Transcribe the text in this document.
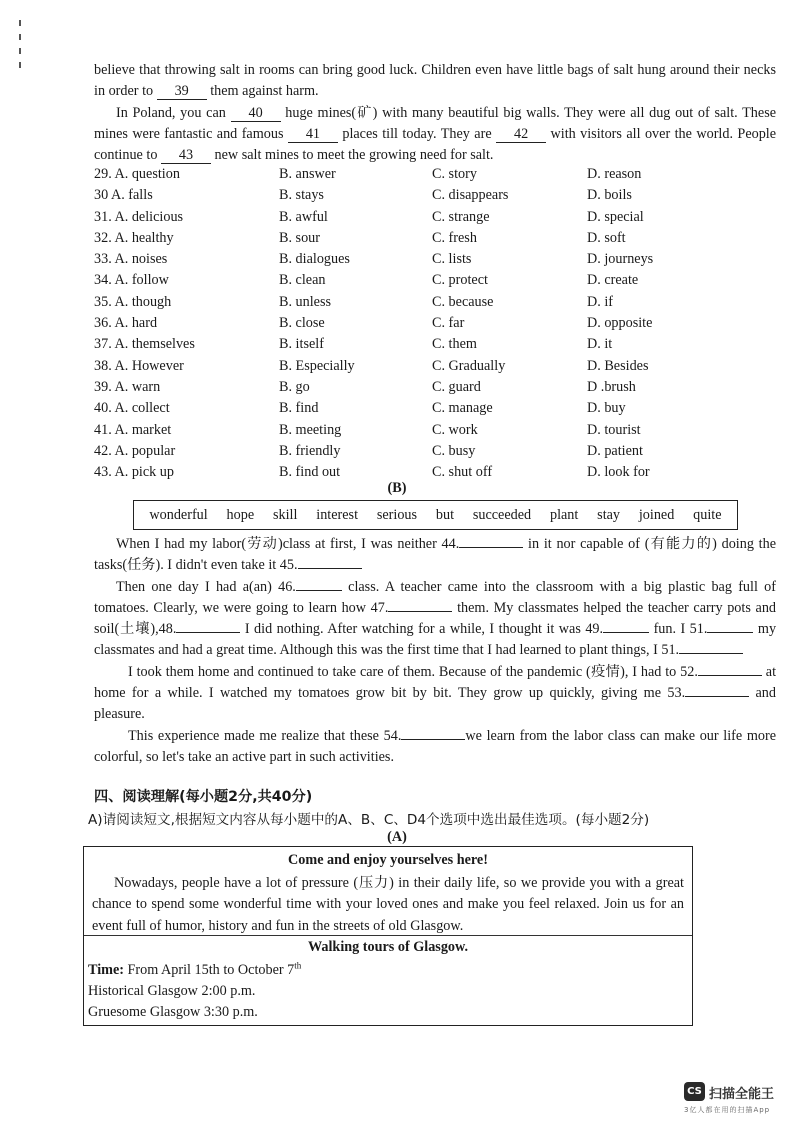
believe that throwing salt in rooms can bring good luck. Children even have little bags of salt hung around their necks in order to 39 them against harm.

In Poland, you can 40 huge mines(矿) with many beautiful big walls. They were all dug out of salt. These mines were fantastic and famous 41 places till today. They are 42 with visitors all over the world. People continue to 43 new salt mines to meet the growing need for salt.

29. A. question	B. answer	C. story	D. reason
30 A. falls	B. stays	C. disappears	D. boils
31. A. delicious	B. awful	C. strange	D. special
32. A. healthy	B. sour	C. fresh	D. soft
33. A. noises	B. dialogues	C. lists	D. journeys
34. A. follow	B. clean	C. protect	D. create
35. A. though	B. unless	C. because	D. if
36. A. hard	B. close	C. far	D. opposite
37. A. themselves	B. itself	C. them	D. it
38. A. However	B. Especially	C. Gradually	D. Besides
39. A. warn	B. go	C. guard	D .brush
40. A. collect	B. find	C. manage	D. buy
41. A. market	B. meeting	C. work	D. tourist
42. A. popular	B. friendly	C. busy	D. patient
43. A. pick up	B. find out	C. shut off	D. look for
(B)
wonderful hope skill interest serious but succeeded plant stay joined quite

When I had my labor(劳动)class at first, I was neither 44.	in it nor capable of (有能力的) doing the tasks(任务). I didn't even take it 45.

Then one day I had a(an) 46.	class. A teacher came into the classroom with a big plastic bag full of tomatoes. Clearly, we were going to learn how 47.	them. My classmates helped the teacher carry pots and soil(土壤),48.	I did nothing. After watching for a while, I thought it was 49.	fun. I 51.	my classmates and had a great time. Although this was the first time that I had learned to plant things, I 51.

I took them home and continued to take care of them. Because of the pandemic (疫情), I had to 52.	at home for a while. I watched my tomatoes grow bit by bit. They grow up quickly, giving me 53.	and pleasure.

This experience made me realize that these 54.	we learn from the labor class can make our life more colorful, so let's take an active part in such activities.

四、阅读理解(每小题2分,共40分)
A)请阅读短文,根据短文内容从每小题中的A、B、C、D4个选项中选出最佳选项。(每小题2分)
(A)
Come and enjoy yourselves here!

Nowadays, people have a lot of pressure (压力) in their daily life, so we provide you with a great chance to spend some wonderful time with your loved ones and make you feel relaxed. Join us for an event full of humor, history and fun in the streets of old Glasgow.

Walking tours of Glasgow.
Time: From April 15th to October 7th
Historical Glasgow 2:00 p.m.
Gruesome Glasgow 3:30 p.m.
CS 扫描全能王
3亿人都在用的扫描App
